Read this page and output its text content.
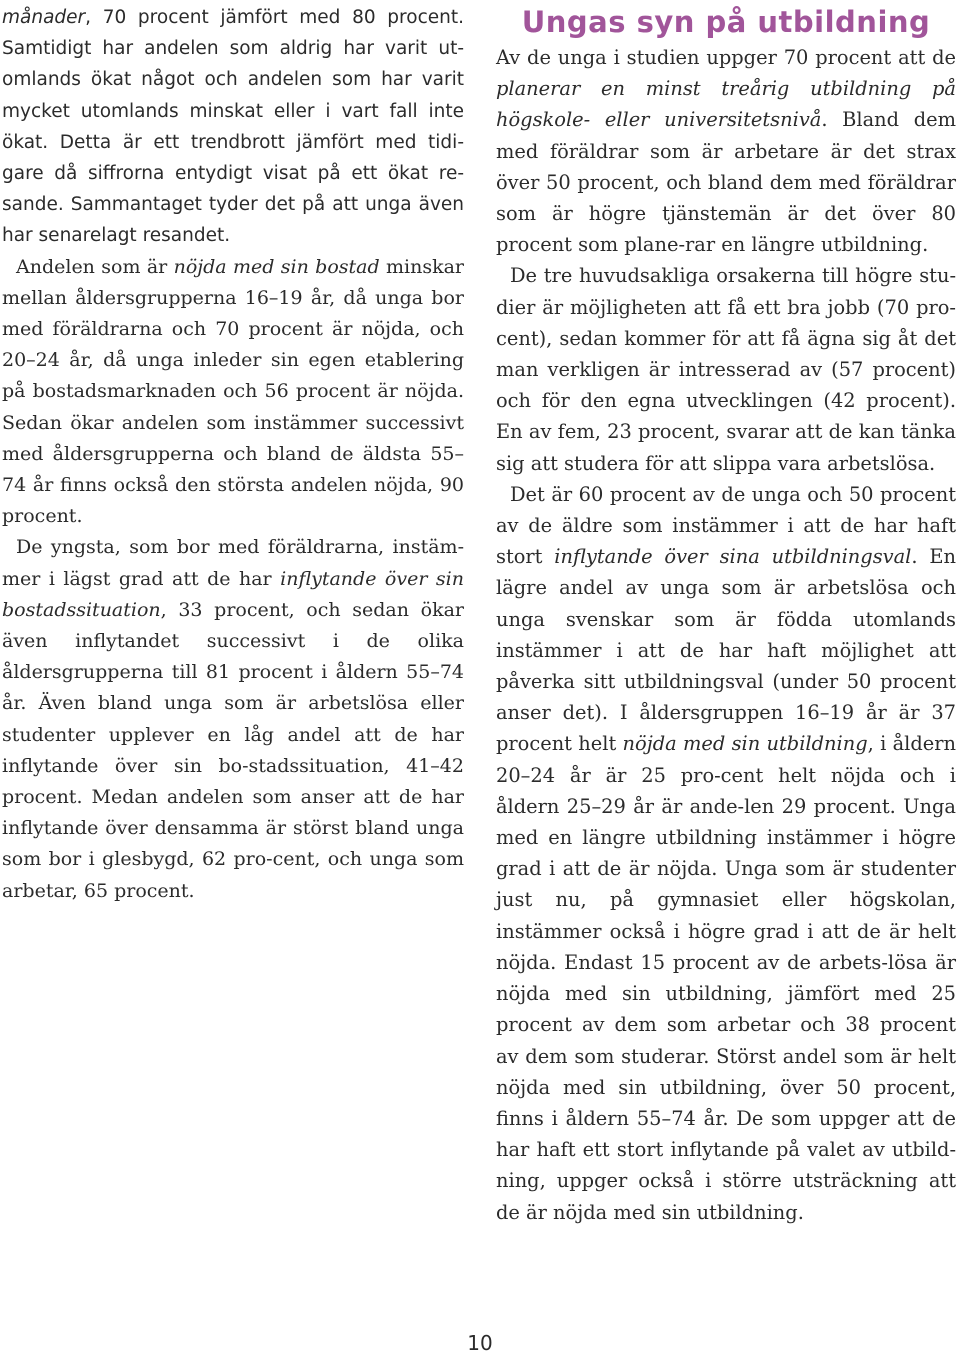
månader, 70 procent jämfört med 80 procent. Samtidigt har andelen som aldrig har varit ut-omlands ökat något och andelen som har varit mycket utomlands minskat eller i vart fall inte ökat. Detta är ett trendbrott jämfört med tidi-gare då siffrorna entydigt visat på ett ökat re-sande. Sammantaget tyder det på att unga även har senarelagt resandet.

Andelen som är nöjda med sin bostad minskar mellan åldersgrupperna 16–19 år, då unga bor med föräldrarna och 70 procent är nöjda, och 20–24 år, då unga inleder sin egen etablering på bostadsmarknaden och 56 procent är nöjda. Sedan ökar andelen som instämmer successivt med åldersgrupperna och bland de äldsta 55–74 år finns också den största andelen nöjda, 90 procent.

De yngsta, som bor med föräldrarna, instäm-mer i lägst grad att de har inflytande över sin bostadssituation, 33 procent, och sedan ökar även inflytandet successivt i de olika åldersgrupperna till 81 procent i åldern 55–74 år. Även bland unga som är arbetslösa eller studenter upplever en låg andel att de har inflytande över sin bo-stadssituation, 41–42 procent. Medan andelen som anser att de har inflytande över densamma är störst bland unga som bor i glesbygd, 62 pro-cent, och unga som arbetar, 65 procent.

Ungas syn på utbildning

Av de unga i studien uppger 70 procent att de planerar en minst treårig utbildning på högskole- eller universitetsnivå. Bland dem med föräldrar som är arbetare är det strax över 50 procent, och bland dem med föräldrar som är högre tjänstemän är det över 80 procent som plane-rar en längre utbildning.

De tre huvudsakliga orsakerna till högre stu-dier är möjligheten att få ett bra jobb (70 pro-cent), sedan kommer för att få ägna sig åt det man verkligen är intresserad av (57 procent) och för den egna utvecklingen (42 procent). En av fem, 23 procent, svarar att de kan tänka sig att studera för att slippa vara arbetslösa.

Det är 60 procent av de unga och 50 procent av de äldre som instämmer i att de har haft stort inflytande över sina utbildningsval. En lägre andel av unga som är arbetslösa och unga svenskar som är födda utomlands instämmer i att de har haft möjlighet att påverka sitt utbildningsval (under 50 procent anser det). I åldersgruppen 16–19 år är 37 procent helt nöjda med sin utbildning, i åldern 20–24 år är 25 pro-cent helt nöjda och i åldern 25–29 år är ande-len 29 procent. Unga med en längre utbildning instämmer i högre grad i att de är nöjda. Unga som är studenter just nu, på gymnasiet eller högskolan, instämmer också i högre grad i att de är helt nöjda. Endast 15 procent av de arbets-lösa är nöjda med sin utbildning, jämfört med 25 procent av dem som arbetar och 38 procent av dem som studerar. Störst andel som är helt nöjda med sin utbildning, över 50 procent, finns i åldern 55–74 år. De som uppger att de har haft ett stort inflytande på valet av utbild-ning, uppger också i större utsträckning att de är nöjda med sin utbildning.

10
